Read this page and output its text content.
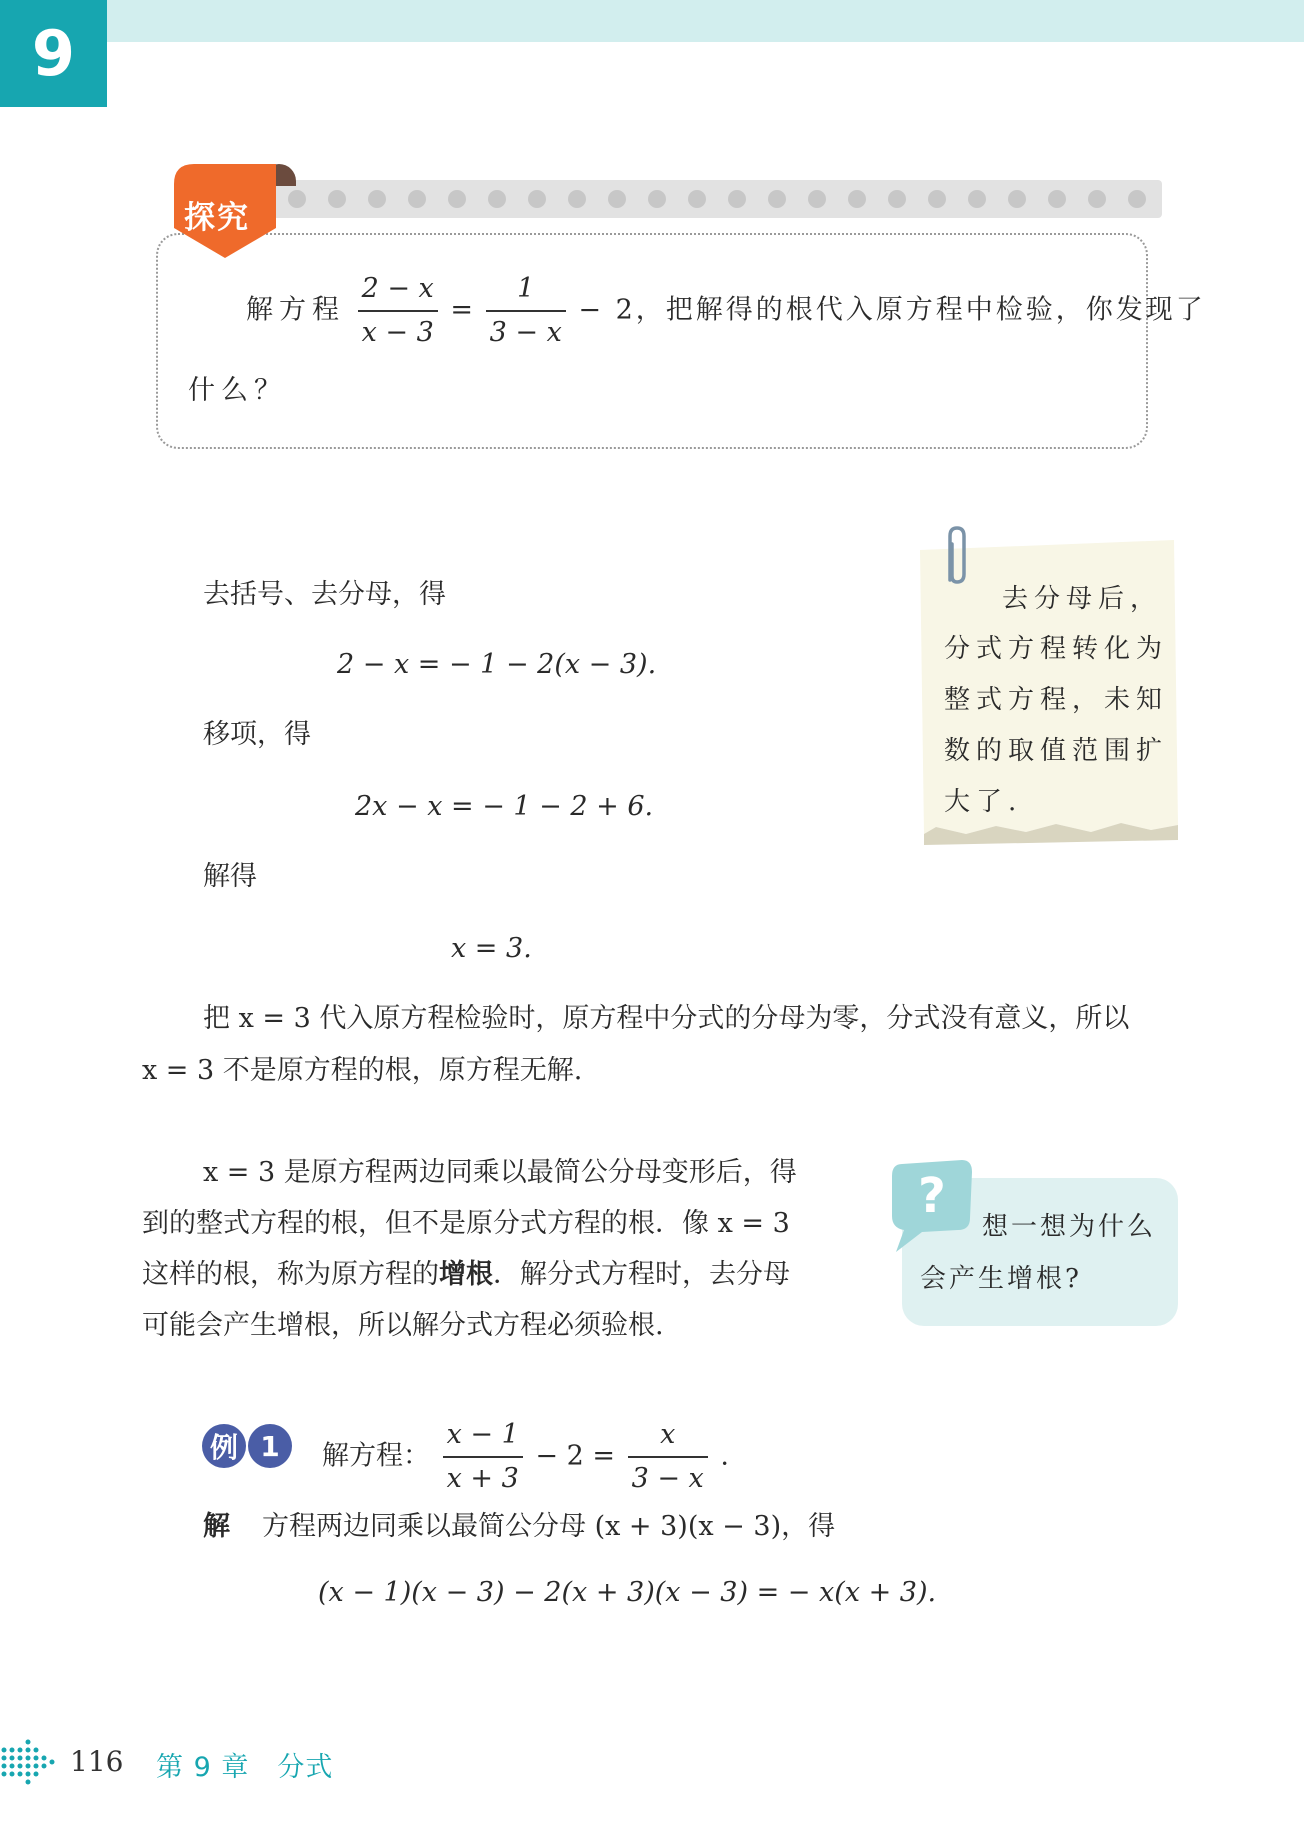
9
探究
解方程 $\frac{2 - x}{x - 3} = \frac{1}{3 - x} - 2$，把解得的根代入原方程中检验，你发现了
什么？
去分母后，
分式方程转化为
整式方程，未知
数的取值范围扩
大了.
去括号、去分母，得
2 − x = − 1 − 2(x − 3).
移项，得
2x − x = − 1 − 2 + 6.
解得
x = 3.
把 x = 3 代入原方程检验时，原方程中分式的分母为零，分式没有意义，所以
x = 3 不是原方程的根，原方程无解.
x = 3 是原方程两边同乘以最简公分母变形后，得
到的整式方程的根，但不是原分式方程的根．像 x = 3
这样的根，称为原方程的增根．解分式方程时，去分母
可能会产生增根，所以解分式方程必须验根.
?
想一想为什么
会产生增根?
例 1	解方程： $\frac{x - 1}{x + 3} - 2 = \frac{x}{3 - x}$ .
解 方程两边同乘以最简公分母 (x + 3)(x − 3)，得
(x − 1)(x − 3) − 2(x + 3)(x − 3) = − x(x + 3).
116 第 9 章　分式
